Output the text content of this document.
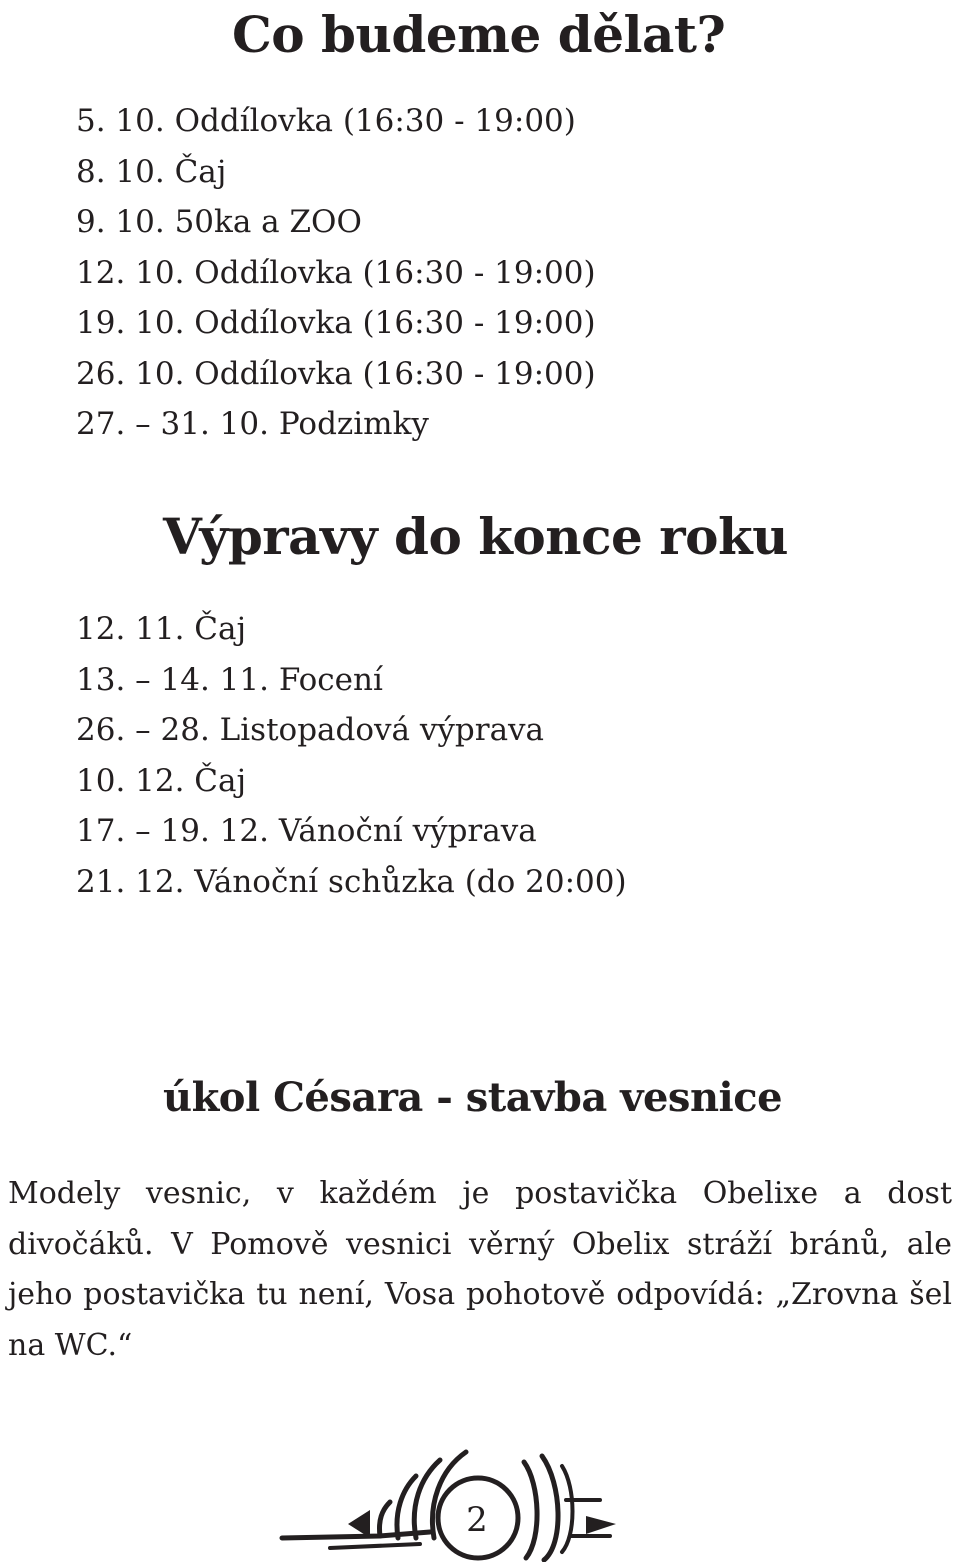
Co budeme dělat?
5. 10. Oddílovka (16:30 - 19:00)
8. 10. Čaj
9. 10. 50ka a ZOO
12. 10. Oddílovka (16:30 - 19:00)
19. 10. Oddílovka (16:30 - 19:00)
26. 10. Oddílovka (16:30 - 19:00)
27. – 31. 10. Podzimky
Výpravy do konce roku
12. 11. Čaj
13. – 14. 11. Focení
26. – 28. Listopadová výprava
10. 12. Čaj
17. – 19. 12. Vánoční výprava
21. 12. Vánoční schůzka (do 20:00)
úkol Césara - stavba vesnice
Modely vesnic, v každém je postavička Obelixe a dost divočáků. V Pomově vesnici věrný Obelix stráží bránů, ale jeho postavička tu není, Vosa pohotově odpovídá: „Zrovna šel na WC.“
2
